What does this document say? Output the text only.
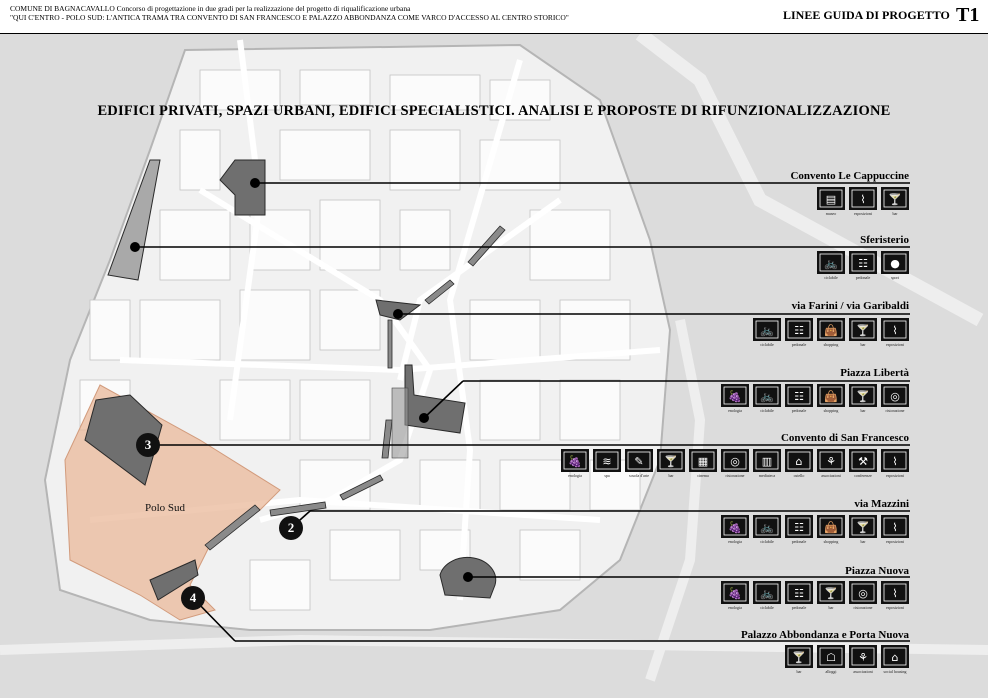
COMUNE DI BAGNACAVALLO Concorso di progettazione in due gradi per la realizzazione del progetto di riqualificazione urbana
"QUI C'ENTRO - POLO SUD: L'ANTICA TRAMA TRA CONVENTO DI SAN FRANCESCO E PALAZZO ABBONDANZA COME VARCO D'ACCESSO AL CENTRO STORICO"	LINEE GUIDA DI PROGETTO T1
EDIFICI PRIVATI, SPAZI URBANI, EDIFICI SPECIALISTICI. ANALISI E PROPOSTE DI RIFUNZIONALIZZAZIONE
Polo Sud
2
3
4
Convento Le Cappuccine
▤
museo
⌇
esposizioni
🍸
bar
Sferisterio
🚲
ciclabile
☷
pedonale
●
sport
via Farini / via Garibaldi
🚲
ciclabile
☷
pedonale
👜
shopping
🍸
bar
⌇
esposizioni
Piazza Libertà
🍇
enologia
🚲
ciclabile
☷
pedonale
👜
shopping
🍸
bar
◎
ristorazione
Convento di San Francesco
🍇
enologia
≋
spa
✎
scuola d'arte
🍸
bar
▦
cinema
◎
ristorazione
▥
mediateca
⌂
ostello
⚘
associazioni
⚒
conferenze
⌇
esposizioni
via Mazzini
🍇
enologia
🚲
ciclabile
☷
pedonale
👜
shopping
🍸
bar
⌇
esposizioni
Piazza Nuova
🍇
enologia
🚲
ciclabile
☷
pedonale
🍸
bar
◎
ristorazione
⌇
esposizioni
Palazzo Abbondanza e Porta Nuova
🍸
bar
☖
alloggi
⚘
associazioni
⌂
social housing
